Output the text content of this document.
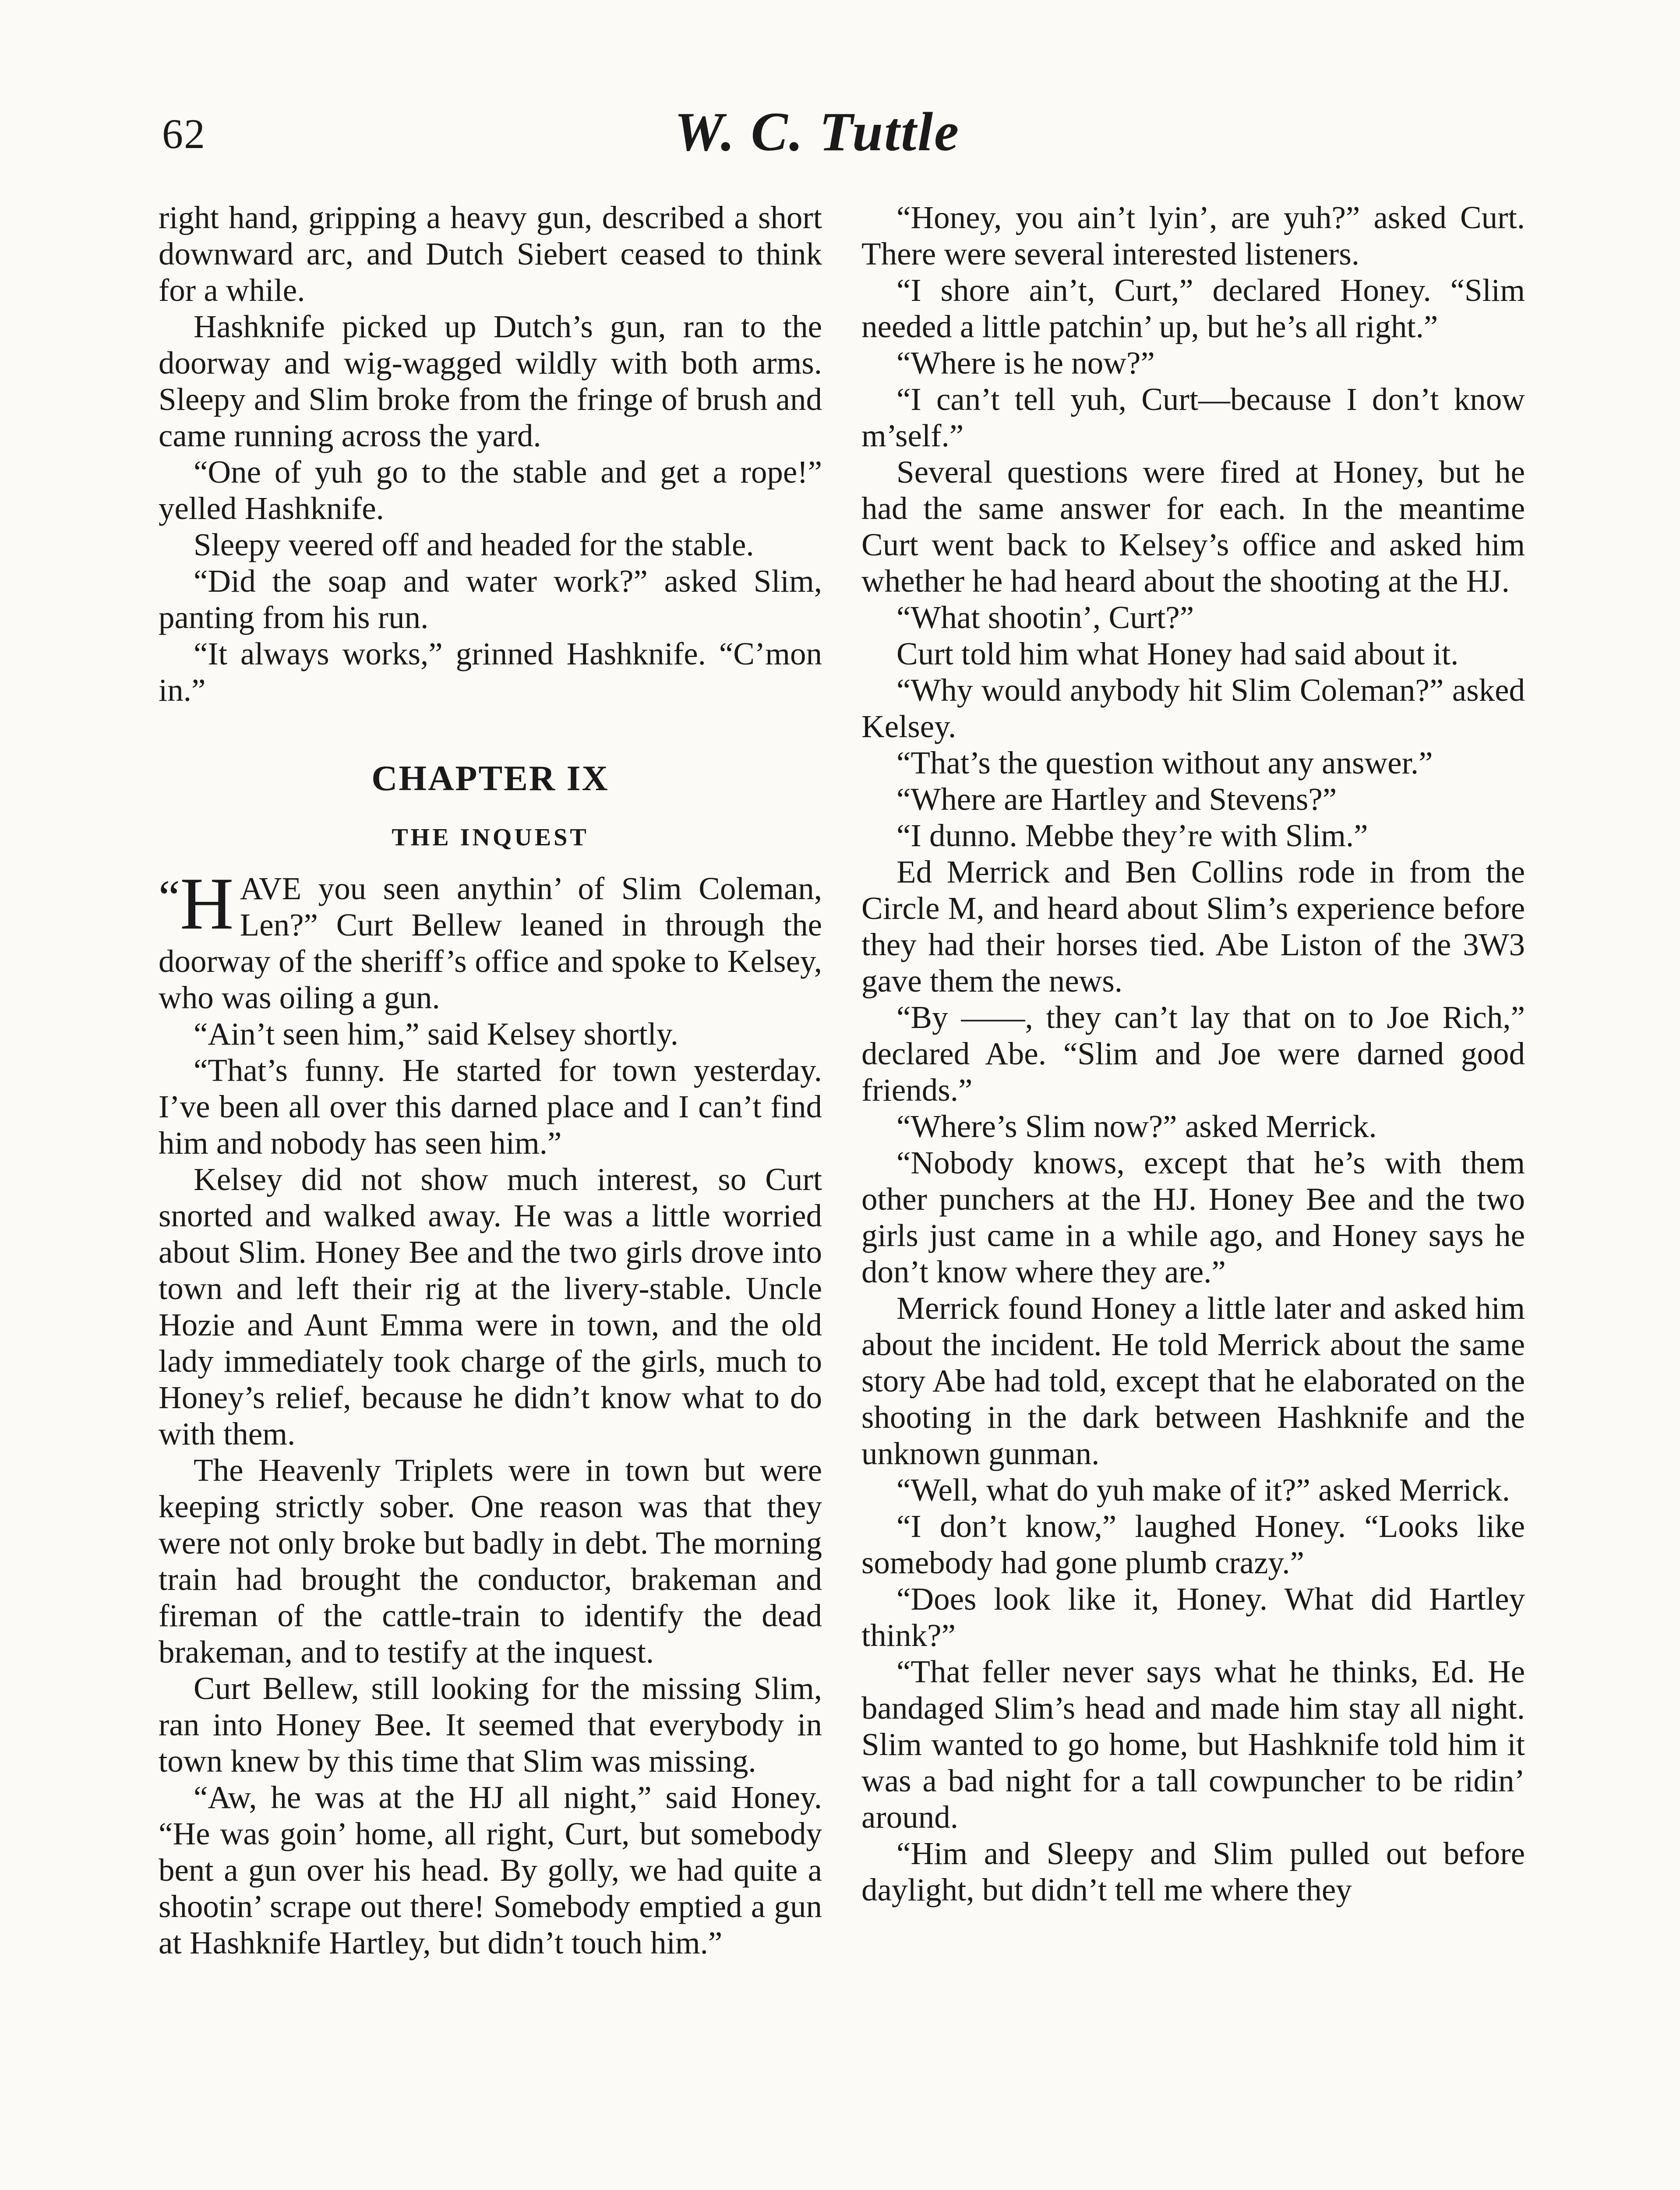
62	W. C. Tuttle

right hand, gripping a heavy gun, described a short downward arc, and Dutch Siebert ceased to think for a while.

Hashknife picked up Dutch’s gun, ran to the doorway and wig-wagged wildly with both arms. Sleepy and Slim broke from the fringe of brush and came running across the yard.

“One of yuh go to the stable and get a rope!” yelled Hashknife.

Sleepy veered off and headed for the stable.

“Did the soap and water work?” asked Slim, panting from his run.

“It always works,” grinned Hashknife. “C’mon in.”

CHAPTER IX
THE INQUEST

“H AVE you seen anythin’ of Slim Coleman, Len?” Curt Bellew leaned in through the doorway of the sheriff’s office and spoke to Kelsey, who was oiling a gun.

“Ain’t seen him,” said Kelsey shortly.

“That’s funny. He started for town yesterday. I’ve been all over this darned place and I can’t find him and nobody has seen him.”

Kelsey did not show much interest, so Curt snorted and walked away. He was a little worried about Slim. Honey Bee and the two girls drove into town and left their rig at the livery-stable. Uncle Hozie and Aunt Emma were in town, and the old lady immediately took charge of the girls, much to Honey’s relief, because he didn’t know what to do with them.

The Heavenly Triplets were in town but were keeping strictly sober. One reason was that they were not only broke but badly in debt. The morning train had brought the conductor, brakeman and fireman of the cattle-train to identify the dead brakeman, and to testify at the inquest.

Curt Bellew, still looking for the missing Slim, ran into Honey Bee. It seemed that everybody in town knew by this time that Slim was missing.

“Aw, he was at the HJ all night,” said Honey. “He was goin’ home, all right, Curt, but somebody bent a gun over his head. By golly, we had quite a shootin’ scrape out there! Somebody emptied a gun at Hashknife Hartley, but didn’t touch him.”

“Honey, you ain’t lyin’, are yuh?” asked Curt. There were several interested listeners.

“I shore ain’t, Curt,” declared Honey. “Slim needed a little patchin’ up, but he’s all right.”

“Where is he now?”

“I can’t tell yuh, Curt—because I don’t know m’self.”

Several questions were fired at Honey, but he had the same answer for each. In the meantime Curt went back to Kelsey’s office and asked him whether he had heard about the shooting at the HJ.

“What shootin’, Curt?”

Curt told him what Honey had said about it.

“Why would anybody hit Slim Coleman?” asked Kelsey.

“That’s the question without any answer.”

“Where are Hartley and Stevens?”

“I dunno. Mebbe they’re with Slim.”

Ed Merrick and Ben Collins rode in from the Circle M, and heard about Slim’s experience before they had their horses tied. Abe Liston of the 3W3 gave them the news.

“By ——, they can’t lay that on to Joe Rich,” declared Abe. “Slim and Joe were darned good friends.”

“Where’s Slim now?” asked Merrick.

“Nobody knows, except that he’s with them other punchers at the HJ. Honey Bee and the two girls just came in a while ago, and Honey says he don’t know where they are.”

Merrick found Honey a little later and asked him about the incident. He told Merrick about the same story Abe had told, except that he elaborated on the shooting in the dark between Hashknife and the unknown gunman.

“Well, what do yuh make of it?” asked Merrick.

“I don’t know,” laughed Honey. “Looks like somebody had gone plumb crazy.”

“Does look like it, Honey. What did Hartley think?”

“That feller never says what he thinks, Ed. He bandaged Slim’s head and made him stay all night. Slim wanted to go home, but Hashknife told him it was a bad night for a tall cowpuncher to be ridin’ around.

“Him and Sleepy and Slim pulled out before daylight, but didn’t tell me where they
